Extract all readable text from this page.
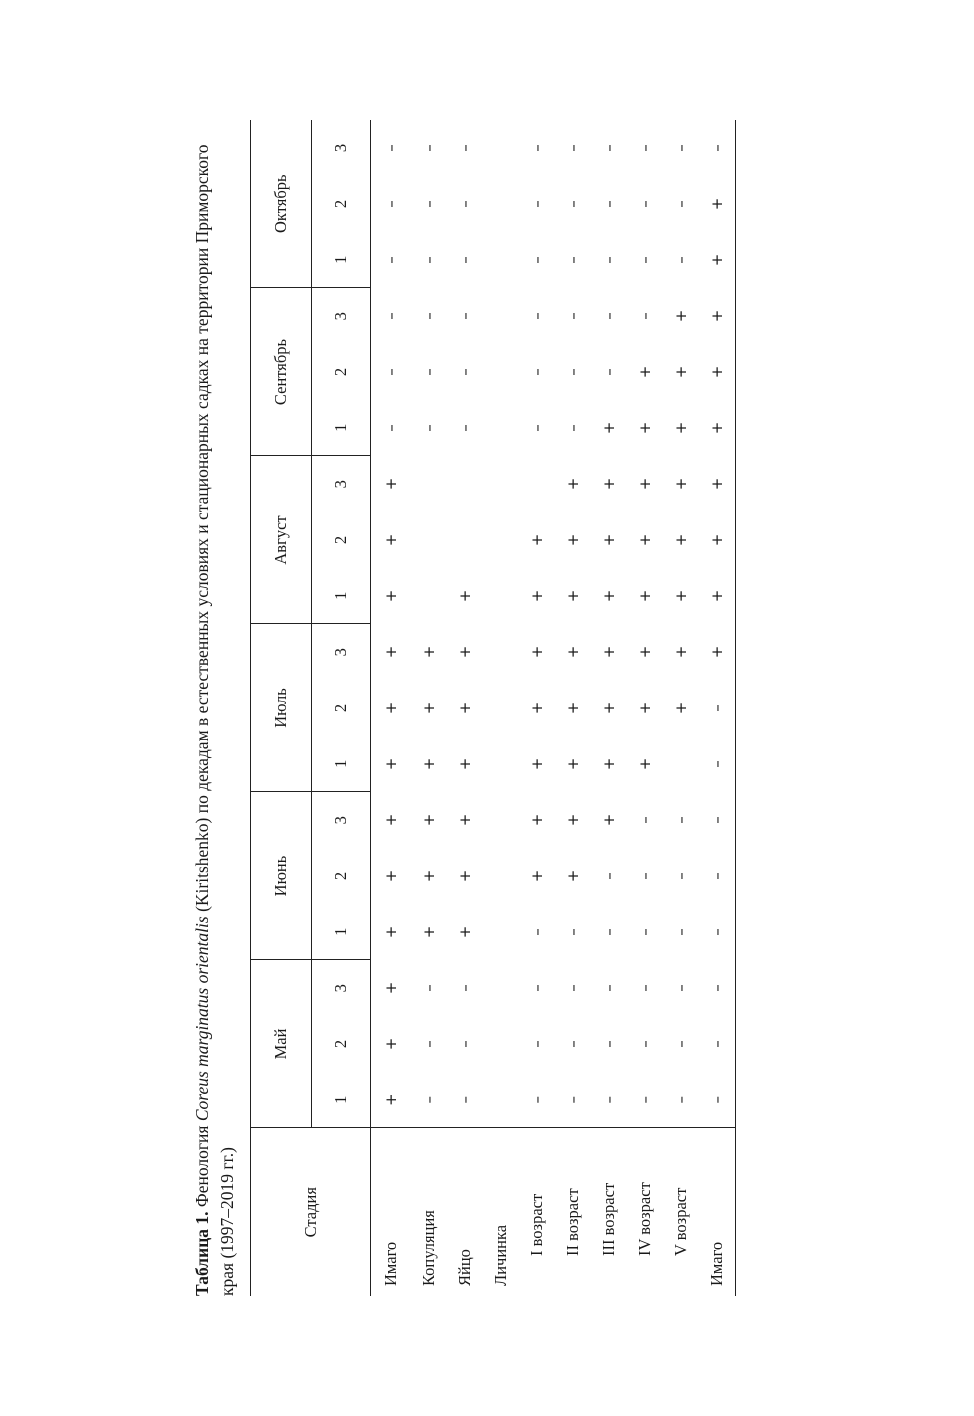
Таблица 1. Фенология Coreus marginatus orientalis (Kiritshenko) по декадам в естественных условиях и стационарных садках на территории Приморского края (1997–2019 гг.)	Стадия	Май			Июнь			Июль			Август			Сентябрь			Октябрь		
	1	2	3	1	2	3	1	2	3	1	2	3	1	2	3	1	2	3
Имаго	+	+	+	+	+	+	+	+	+	+	+	+	–	–	–	–	–	–
Копуляция	–	–	–	+	+	+	+	+	+				–	–	–	–	–	–
Яйцо	–	–	–	+	+	+	+	+	+	+			–	–	–	–	–	–
Личинка																		
I возраст	–	–	–	–	+	+	+	+	+	+	+		–	–	–	–	–	–
II возраст	–	–	–	–	+	+	+	+	+	+	+	+	–	–	–	–	–	–
III возраст	–	–	–	–	–	+	+	+	+	+	+	+	+	–	–	–	–	–
IV возраст	–	–	–	–	–	–	+	+	+	+	+	+	+	+	–	–	–	–
V возраст	–	–	–	–	–	–		+	+	+	+	+	+	+	+	–	–	–
Имаго	–	–	–	–	–	–	–	–	+	+	+	+	+	+	+	+	+	–
